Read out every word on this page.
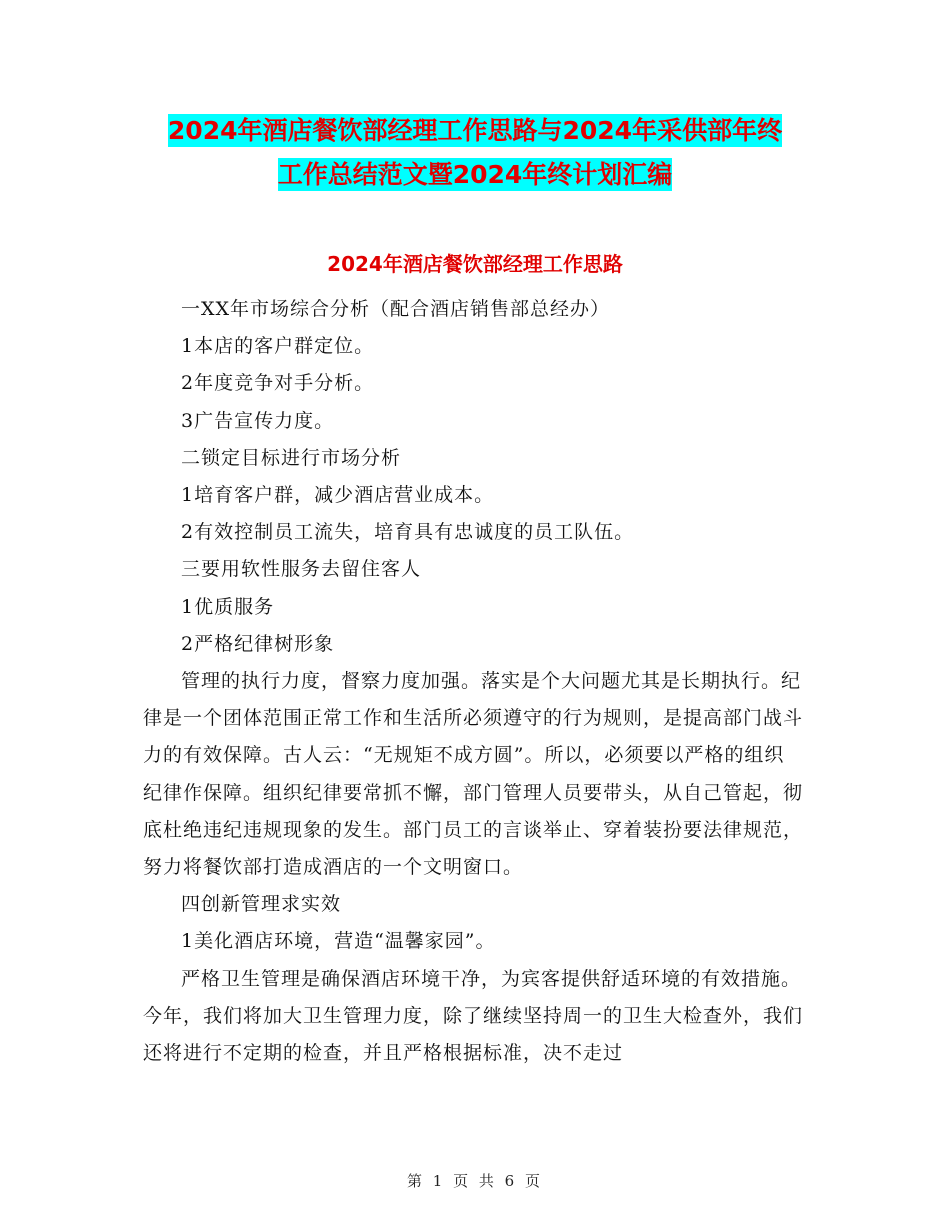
2024年酒店餐饮部经理工作思路与2024年采供部年终
工作总结范文暨2024年终计划汇编
2024年酒店餐饮部经理工作思路

一XX年市场综合分析（配合酒店销售部总经办）

1本店的客户群定位。

2年度竞争对手分析。

3广告宣传力度。

二锁定目标进行市场分析

1培育客户群，减少酒店营业成本。

2有效控制员工流失，培育具有忠诚度的员工队伍。

三要用软性服务去留住客人

1优质服务

2严格纪律树形象

管理的执行力度，督察力度加强。落实是个大问题尤其是长期执行。纪律是一个团体范围正常工作和生活所必须遵守的行为规则，是提高部门战斗力的有效保障。古人云：“无规矩不成方圆”。所以，必须要以严格的组织纪律作保障。组织纪律要常抓不懈，部门管理人员要带头，从自己管起，彻底杜绝违纪违规现象的发生。部门员工的言谈举止、穿着装扮要法律规范，努力将餐饮部打造成酒店的一个文明窗口。

四创新管理求实效

1美化酒店环境，营造“温馨家园”。

严格卫生管理是确保酒店环境干净，为宾客提供舒适环境的有效措施。今年，我们将加大卫生管理力度，除了继续坚持周一的卫生大检查外，我们还将进行不定期的检查，并且严格根据标准，决不走过

第 1 页 共 6 页
